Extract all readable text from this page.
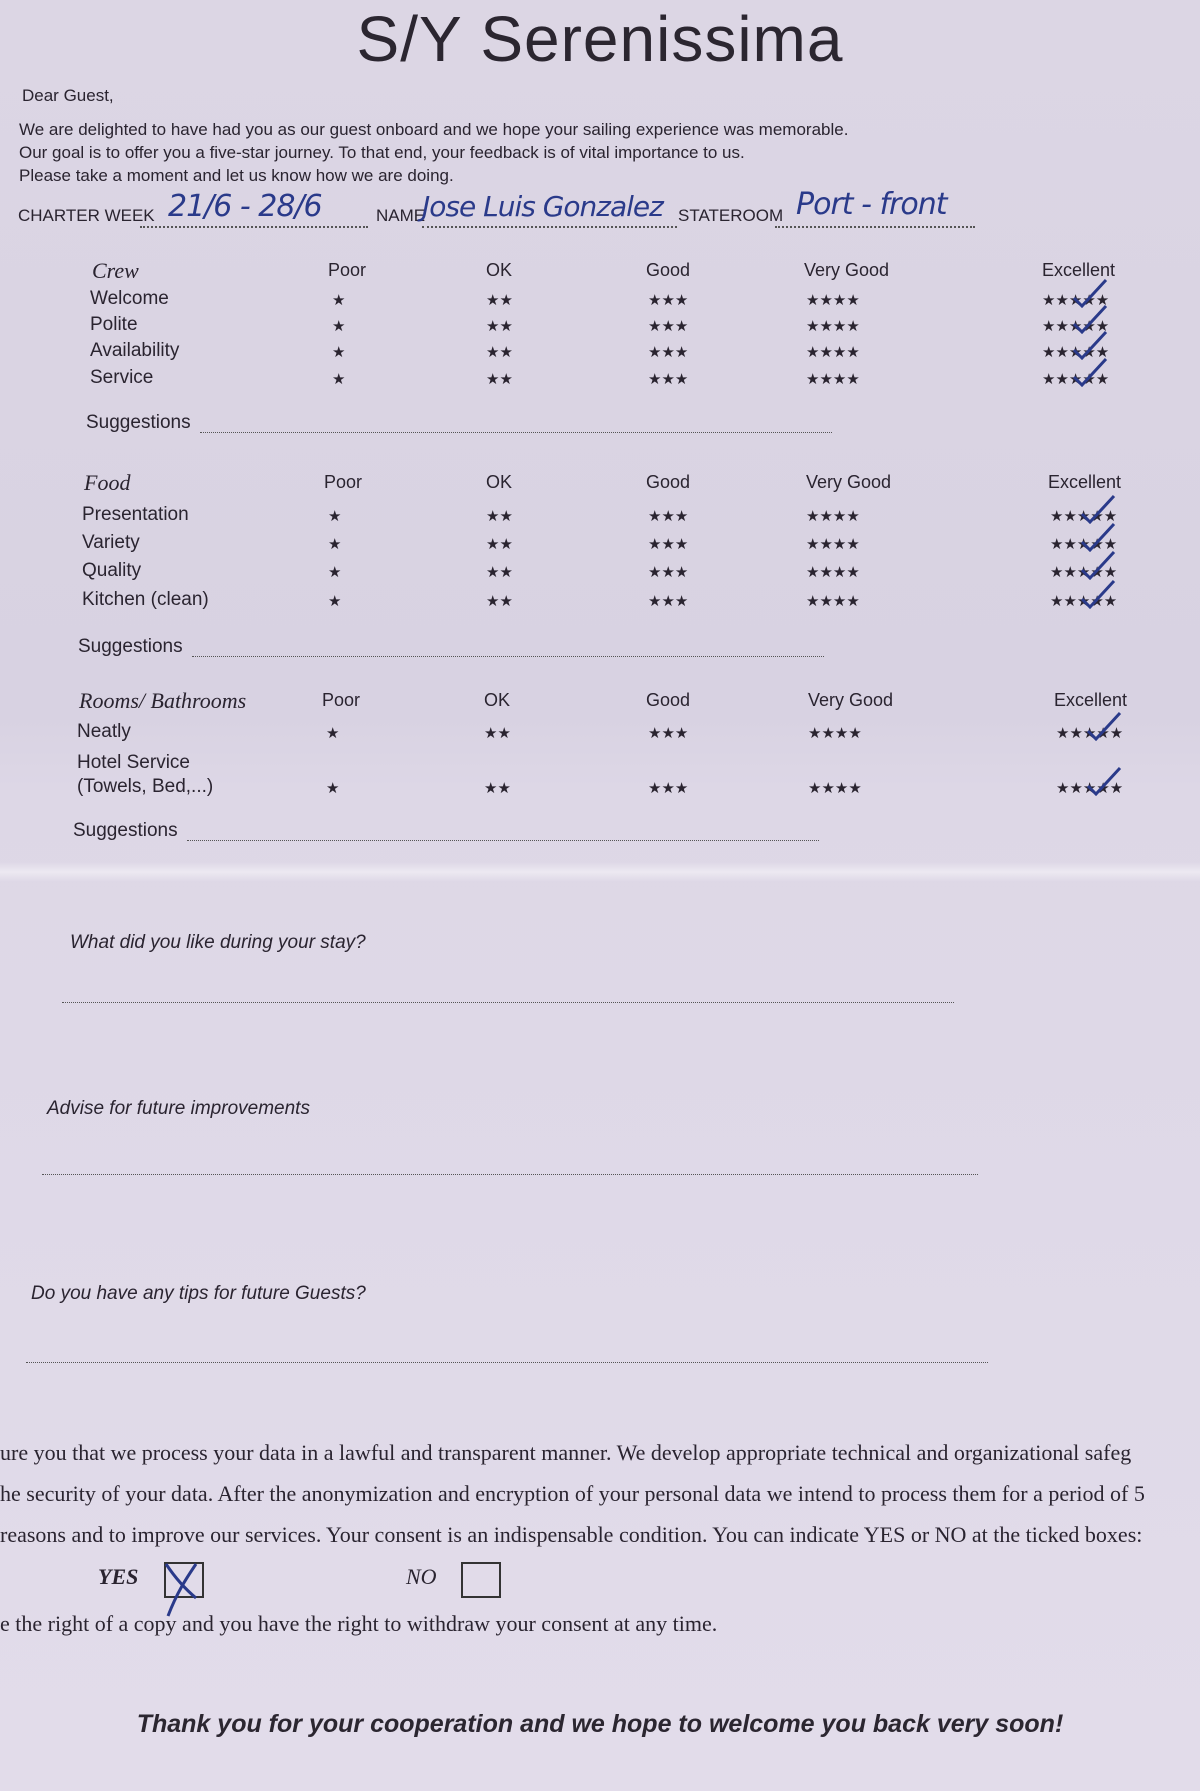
S/Y Serenissima
Dear Guest,
We are delighted to have had you as our guest onboard and we hope your sailing experience was memorable.
Our goal is to offer you a five-star journey. To that end, your feedback is of vital importance to us.
Please take a moment and let us know how we are doing.
CHARTER WEEK 21/6 - 28/6	NAME
Jose Luis Gonzalez STATEROOM Port - front
Crew	Poor	OK	Good	Very Good	Excellent
Welcome	★	★★	★★★	★★★★	★★★★★
Polite	★	★★	★★★	★★★★	★★★★★
Availability	★	★★	★★★	★★★★	★★★★★
Service	★	★★	★★★	★★★★	★★★★★
Suggestions
Food	Poor	OK	Good	Very Good	Excellent
Presentation	★	★★	★★★	★★★★	★★★★★
Variety	★	★★	★★★	★★★★	★★★★★
Quality	★	★★	★★★	★★★★	★★★★★
Kitchen (clean)	★	★★	★★★	★★★★	★★★★★
Suggestions
Rooms/ Bathrooms	Poor	OK	Good	Very Good	Excellent
Neatly	★	★★	★★★	★★★★	★★★★★
Hotel Service
(Towels, Bed,...)	★	★★	★★★	★★★★	★★★★★
Suggestions
What did you like during your stay?
Advise for future improvements
Do you have any tips for future Guests?
ure you that we process your data in a lawful and transparent manner. We develop appropriate technical and organizational safeg
he security of your data. After the anonymization and encryption of your personal data we intend to process them for a period of 5
reasons and to improve our services. Your consent is an indispensable condition. You can indicate YES or NO at the ticked boxes:
YES	NO
e the right of a copy and you have the right to withdraw your consent at any time.
Thank you for your cooperation and we hope to welcome you back very soon!
